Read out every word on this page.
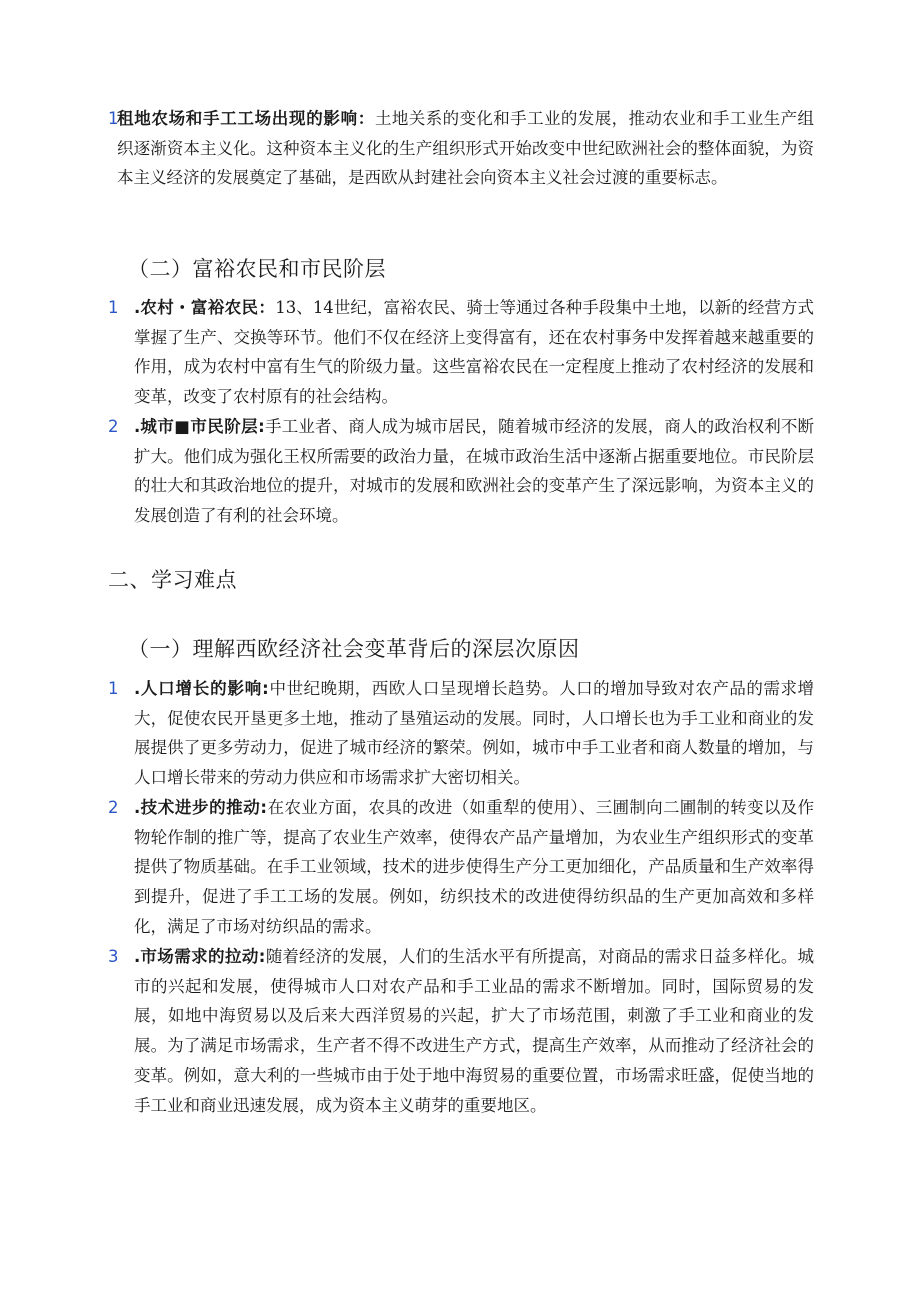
1
租地农场和手工工场出现的影响：土地关系的变化和手工业的发展，推动农业和手工业生产组织逐渐资本主义化。这种资本主义化的生产组织形式开始改变中世纪欧洲社会的整体面貌，为资本主义经济的发展奠定了基础，是西欧从封建社会向资本主义社会过渡的重要标志。
（二）富裕农民和市民阶层
1 .农村・富裕农民：13、14世纪，富裕农民、骑士等通过各种手段集中土地，以新的经营方式掌握了生产、交换等环节。他们不仅在经济上变得富有，还在农村事务中发挥着越来越重要的作用，成为农村中富有生气的阶级力量。这些富裕农民在一定程度上推动了农村经济的发展和变革，改变了农村原有的社会结构。
2 .城市■市民阶层:手工业者、商人成为城市居民，随着城市经济的发展，商人的政治权利不断扩大。他们成为强化王权所需要的政治力量，在城市政治生活中逐渐占据重要地位。市民阶层的壮大和其政治地位的提升，对城市的发展和欧洲社会的变革产生了深远影响，为资本主义的发展创造了有利的社会环境。
二、学习难点
（一）理解西欧经济社会变革背后的深层次原因
1 .人口增长的影响:中世纪晚期，西欧人口呈现增长趋势。人口的增加导致对农产品的需求增大，促使农民开垦更多土地，推动了垦殖运动的发展。同时，人口增长也为手工业和商业的发展提供了更多劳动力，促进了城市经济的繁荣。例如，城市中手工业者和商人数量的增加，与人口增长带来的劳动力供应和市场需求扩大密切相关。
2 .技术进步的推动:在农业方面，农具的改进（如重犁的使用）、三圃制向二圃制的转变以及作物轮作制的推广等，提高了农业生产效率，使得农产品产量增加，为农业生产组织形式的变革提供了物质基础。在手工业领域，技术的进步使得生产分工更加细化，产品质量和生产效率得到提升，促进了手工工场的发展。例如，纺织技术的改进使得纺织品的生产更加高效和多样化，满足了市场对纺织品的需求。
3 .市场需求的拉动:随着经济的发展，人们的生活水平有所提高，对商品的需求日益多样化。城市的兴起和发展，使得城市人口对农产品和手工业品的需求不断增加。同时，国际贸易的发展，如地中海贸易以及后来大西洋贸易的兴起，扩大了市场范围，刺激了手工业和商业的发展。为了满足市场需求，生产者不得不改进生产方式，提高生产效率，从而推动了经济社会的变革。例如，意大利的一些城市由于处于地中海贸易的重要位置，市场需求旺盛，促使当地的手工业和商业迅速发展，成为资本主义萌芽的重要地区。
